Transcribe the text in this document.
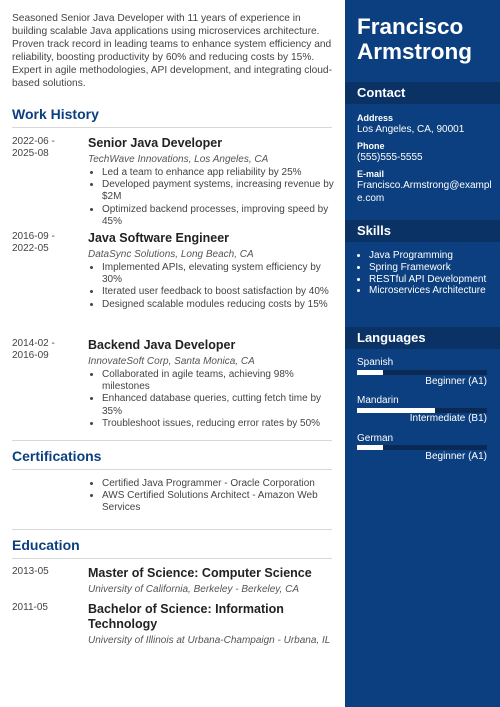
Seasoned Senior Java Developer with 11 years of experience in building scalable Java applications using microservices architecture. Proven track record in leading teams to enhance system efficiency and reliability, boosting productivity by 60% and reducing costs by 15%. Expert in agile methodologies, API development, and integrating cloud-based solutions.
Work History
2022-06 - 2025-08
Senior Java Developer
TechWave Innovations, Los Angeles, CA
• Led a team to enhance app reliability by 25%
• Developed payment systems, increasing revenue by $2M
• Optimized backend processes, improving speed by 45%
2016-09 - 2022-05
Java Software Engineer
DataSync Solutions, Long Beach, CA
• Implemented APIs, elevating system efficiency by 30%
• Iterated user feedback to boost satisfaction by 40%
• Designed scalable modules reducing costs by 15%
2014-02 - 2016-09
Backend Java Developer
InnovateSoft Corp, Santa Monica, CA
• Collaborated in agile teams, achieving 98% milestones
• Enhanced database queries, cutting fetch time by 35%
• Troubleshoot issues, reducing error rates by 50%
Certifications
• Certified Java Programmer - Oracle Corporation
• AWS Certified Solutions Architect - Amazon Web Services
Education
2013-05	Master of Science: Computer Science
University of California, Berkeley - Berkeley, CA
2011-05	Bachelor of Science: Information Technology
University of Illinois at Urbana-Champaign - Urbana, IL
Francisco Armstrong
Contact
Address
Los Angeles, CA, 90001
Phone
(555)555-5555
E-mail
Francisco.Armstrong@example.com
Skills
• Java Programming
• Spring Framework
• RESTful API Development
• Microservices Architecture
Languages
Spanish
Beginner (A1)
Mandarin
Intermediate (B1)
German
Beginner (A1)
